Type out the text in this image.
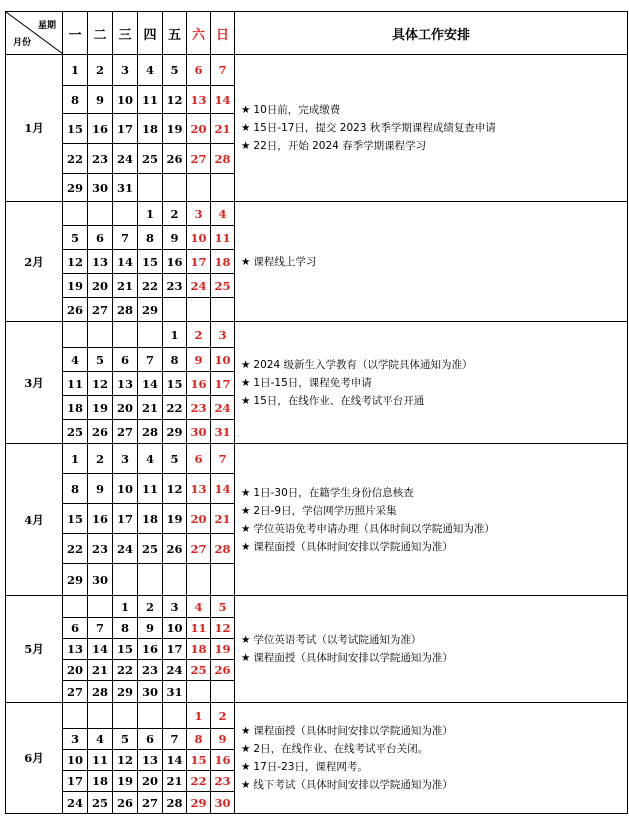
星期
月份	一	二	三	四	五	六	日	具体工作安排
1月	1	2	3	4	5	6	7	★ 10日前，完成缴费
★ 15日-17日，提交 2023 秋季学期课程成绩复查申请
★ 22日，开始 2024 春季学期课程学习

	8	9	10	11	12	13	14	
	15	16	17	18	19	20	21	
	22	23	24	25	26	27	28	
	29	30	31					
2月				1	2	3	4	★ 课程线上学习

	5	6	7	8	9	10	11	
	12	13	14	15	16	17	18	
	19	20	21	22	23	24	25	
	26	27	28	29				
3月					1	2	3	★ 2024 级新生入学教育（以学院具体通知为准）
★ 1日-15日，课程免考申请
★ 15日，在线作业、在线考试平台开通

	4	5	6	7	8	9	10	
	11	12	13	14	15	16	17	
	18	19	20	21	22	23	24	
	25	26	27	28	29	30	31	
4月	1	2	3	4	5	6	7	★ 1日-30日，在籍学生身份信息核查
★ 2日-9日，学信网学历照片采集
★ 学位英语免考申请办理（具体时间以学院通知为准）
★ 课程面授（具体时间安排以学院通知为准）

	8	9	10	11	12	13	14	
	15	16	17	18	19	20	21	
	22	23	24	25	26	27	28	
	29	30						
5月			1	2	3	4	5	★ 学位英语考试（以考试院通知为准）
★ 课程面授（具体时间安排以学院通知为准）

	6	7	8	9	10	11	12	
	13	14	15	16	17	18	19	
	20	21	22	23	24	25	26	
	27	28	29	30	31			
6月						1	2	★ 课程面授（具体时间安排以学院通知为准）
★ 2日，在线作业、在线考试平台关闭。
★ 17日-23日，课程网考。
★ 线下考试（具体时间安排以学院通知为准）

	3	4	5	6	7	8	9	
	10	11	12	13	14	15	16	
	17	18	19	20	21	22	23	
	24	25	26	27	28	29	30	
